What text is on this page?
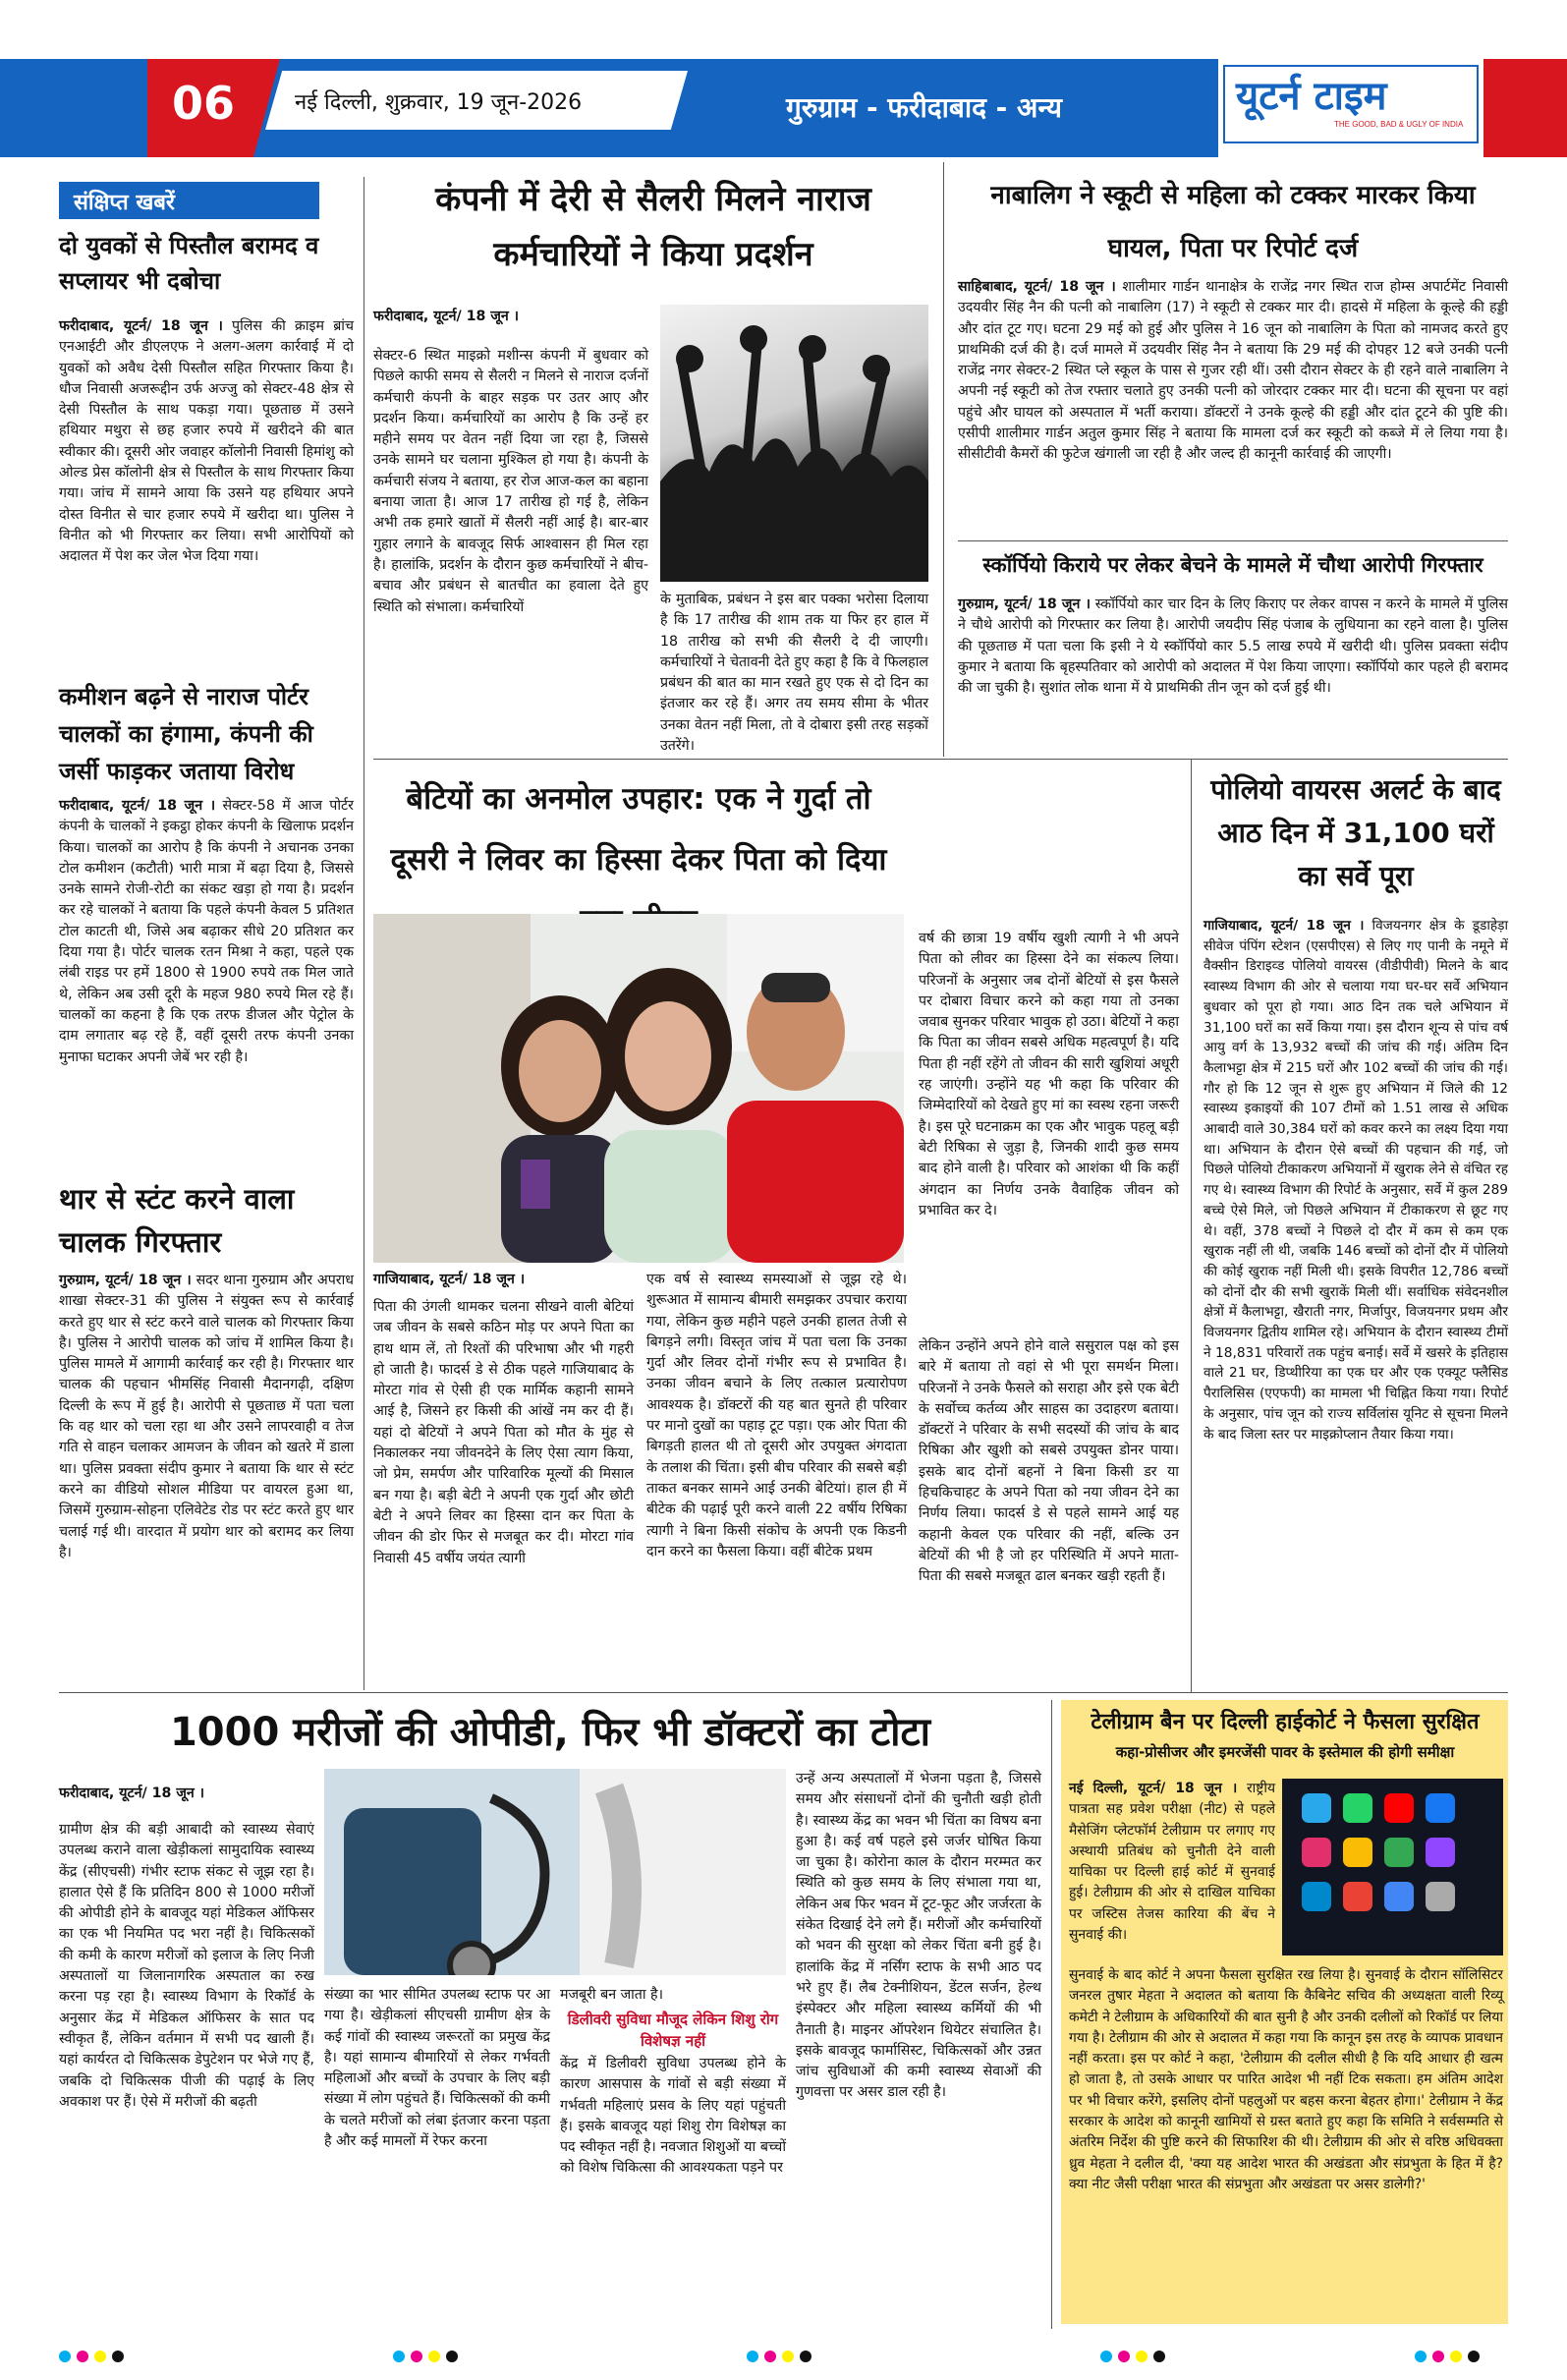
06	नई दिल्ली, शुक्रवार, 19 जून-2026	गुरुग्राम - फरीदाबाद - अन्य	यूटर्न टाइम
THE GOOD, BAD & UGLY OF INDIA
संक्षिप्त खबरें
दो युवकों से पिस्तौल बरामद व सप्लायर भी दबोचा
फरीदाबाद, यूटर्न/ 18 जून । पुलिस की क्राइम ब्रांच एनआईटी और डीएलएफ ने अलग-अलग कार्रवाई में दो युवकों को अवैध देसी पिस्तौल सहित गिरफ्तार किया है। धौज निवासी अजरूद्दीन उर्फ अज्जु को सेक्टर-48 क्षेत्र से देसी पिस्तौल के साथ पकड़ा गया। पूछताछ में उसने हथियार मथुरा से छह हजार रुपये में खरीदने की बात स्वीकार की। दूसरी ओर जवाहर कॉलोनी निवासी हिमांशु को ओल्ड प्रेस कॉलोनी क्षेत्र से पिस्तौल के साथ गिरफ्तार किया गया। जांच में सामने आया कि उसने यह हथियार अपने दोस्त विनीत से चार हजार रुपये में खरीदा था। पुलिस ने विनीत को भी गिरफ्तार कर लिया। सभी आरोपियों को अदालत में पेश कर जेल भेज दिया गया।
कमीशन बढ़ने से नाराज पोर्टर चालकों का हंगामा, कंपनी की जर्सी फाड़कर जताया विरोध
फरीदाबाद, यूटर्न/ 18 जून । सेक्टर-58 में आज पोर्टर कंपनी के चालकों ने इकट्ठा होकर कंपनी के खिलाफ प्रदर्शन किया। चालकों का आरोप है कि कंपनी ने अचानक उनका टोल कमीशन (कटौती) भारी मात्रा में बढ़ा दिया है, जिससे उनके सामने रोजी-रोटी का संकट खड़ा हो गया है। प्रदर्शन कर रहे चालकों ने बताया कि पहले कंपनी केवल 5 प्रतिशत टोल काटती थी, जिसे अब बढ़ाकर सीधे 20 प्रतिशत कर दिया गया है। पोर्टर चालक रतन मिश्रा ने कहा, पहले एक लंबी राइड पर हमें 1800 से 1900 रुपये तक मिल जाते थे, लेकिन अब उसी दूरी के महज 980 रुपये मिल रहे हैं। चालकों का कहना है कि एक तरफ डीजल और पेट्रोल के दाम लगातार बढ़ रहे हैं, वहीं दूसरी तरफ कंपनी उनका मुनाफा घटाकर अपनी जेबें भर रही है।
थार से स्टंट करने वाला चालक गिरफ्तार
गुरुग्राम, यूटर्न/ 18 जून । सदर थाना गुरुग्राम और अपराध शाखा सेक्टर-31 की पुलिस ने संयुक्त रूप से कार्रवाई करते हुए थार से स्टंट करने वाले चालक को गिरफ्तार किया है। पुलिस ने आरोपी चालक को जांच में शामिल किया है। पुलिस मामले में आगामी कार्रवाई कर रही है। गिरफ्तार थार चालक की पहचान भीमसिंह निवासी मैदानगढ़ी, दक्षिण दिल्ली के रूप में हुई है। आरोपी से पूछताछ में पता चला कि वह थार को चला रहा था और उसने लापरवाही व तेज गति से वाहन चलाकर आमजन के जीवन को खतरे में डाला था। पुलिस प्रवक्ता संदीप कुमार ने बताया कि थार से स्टंट करने का वीडियो सोशल मीडिया पर वायरल हुआ था, जिसमें गुरुग्राम-सोहना एलिवेटेड रोड पर स्टंट करते हुए थार चलाई गई थी। वारदात में प्रयोग थार को बरामद कर लिया है।
कंपनी में देरी से सैलरी मिलने नाराज कर्मचारियों ने किया प्रदर्शन
फरीदाबाद, यूटर्न/ 18 जून ।
सेक्टर-6 स्थित माइक्रो मशीन्स कंपनी में बुधवार को पिछले काफी समय से सैलरी न मिलने से नाराज दर्जनों कर्मचारी कंपनी के बाहर सड़क पर उतर आए और प्रदर्शन किया। कर्मचारियों का आरोप है कि उन्हें हर महीने समय पर वेतन नहीं दिया जा रहा है, जिससे उनके सामने घर चलाना मुश्किल हो गया है। कंपनी के कर्मचारी संजय ने बताया, हर रोज आज-कल का बहाना बनाया जाता है। आज 17 तारीख हो गई है, लेकिन अभी तक हमारे खातों में सैलरी नहीं आई है। बार-बार गुहार लगाने के बावजूद सिर्फ आश्वासन ही मिल रहा है। हालांकि, प्रदर्शन के दौरान कुछ कर्मचारियों ने बीच-बचाव और प्रबंधन से बातचीत का हवाला देते हुए स्थिति को संभाला। कर्मचारियों	के मुताबिक, प्रबंधन ने इस बार पक्का भरोसा दिलाया है कि 17 तारीख की शाम तक या फिर हर हाल में 18 तारीख को सभी की सैलरी दे दी जाएगी। कर्मचारियों ने चेतावनी देते हुए कहा है कि वे फिलहाल प्रबंधन की बात का मान रखते हुए एक से दो दिन का इंतजार कर रहे हैं। अगर तय समय सीमा के भीतर उनका वेतन नहीं मिला, तो वे दोबारा इसी तरह सड़कों उतरेंगे।
नाबालिग ने स्कूटी से महिला को टक्कर मारकर किया घायल, पिता पर रिपोर्ट दर्ज
साहिबाबाद, यूटर्न/ 18 जून । शालीमार गार्डन थानाक्षेत्र के राजेंद्र नगर स्थित राज होम्स अपार्टमेंट निवासी उदयवीर सिंह नैन की पत्नी को नाबालिग (17) ने स्कूटी से टक्कर मार दी। हादसे में महिला के कूल्हे की हड्डी और दांत टूट गए। घटना 29 मई को हुई और पुलिस ने 16 जून को नाबालिग के पिता को नामजद करते हुए प्राथमिकी दर्ज की है। दर्ज मामले में उदयवीर सिंह नैन ने बताया कि 29 मई की दोपहर 12 बजे उनकी पत्नी राजेंद्र नगर सेक्टर-2 स्थित प्ले स्कूल के पास से गुजर रही थीं। उसी दौरान सेक्टर के ही रहने वाले नाबालिग ने अपनी नई स्कूटी को तेज रफ्तार चलाते हुए उनकी पत्नी को जोरदार टक्कर मार दी। घटना की सूचना पर वहां पहुंचे और घायल को अस्पताल में भर्ती कराया। डॉक्टरों ने उनके कूल्हे की हड्डी और दांत टूटने की पुष्टि की। एसीपी शालीमार गार्डन अतुल कुमार सिंह ने बताया कि मामला दर्ज कर स्कूटी को कब्जे में ले लिया गया है। सीसीटीवी कैमरों की फुटेज खंगाली जा रही है और जल्द ही कानूनी कार्रवाई की जाएगी।
स्कॉर्पियो किराये पर लेकर बेचने के मामले में चौथा आरोपी गिरफ्तार
गुरुग्राम, यूटर्न/ 18 जून । स्कॉर्पियो कार चार दिन के लिए किराए पर लेकर वापस न करने के मामले में पुलिस ने चौथे आरोपी को गिरफ्तार कर लिया है। आरोपी जयदीप सिंह पंजाब के लुधियाना का रहने वाला है। पुलिस की पूछताछ में पता चला कि इसी ने ये स्कॉर्पियो कार 5.5 लाख रुपये में खरीदी थी। पुलिस प्रवक्ता संदीप कुमार ने बताया कि बृहस्पतिवार को आरोपी को अदालत में पेश किया जाएगा। स्कॉर्पियो कार पहले ही बरामद की जा चुकी है। सुशांत लोक थाना में ये प्राथमिकी तीन जून को दर्ज हुई थी।
बेटियों का अनमोल उपहार: एक ने गुर्दा तो दूसरी ने लिवर का हिस्सा देकर पिता को दिया
गाजियाबाद, यूटर्न/ 18 जून ।
पिता की उंगली थामकर चलना सीखने वाली बेटियां जब जीवन के सबसे कठिन मोड़ पर अपने पिता का हाथ थाम लें, तो रिश्तों की परिभाषा और भी गहरी हो जाती है। फादर्स डे से ठीक पहले गाजियाबाद के मोरटा गांव से ऐसी ही एक मार्मिक कहानी सामने आई है, जिसने हर किसी की आंखें नम कर दी हैं। यहां दो बेटियों ने अपने पिता को मौत के मुंह से निकालकर नया जीवनदेने के लिए ऐसा त्याग किया, जो प्रेम, समर्पण और पारिवारिक मूल्यों की मिसाल बन गया है। बड़ी बेटी ने अपनी एक गुर्दा और छोटी बेटी ने अपने लिवर का हिस्सा दान कर पिता के जीवन की डोर फिर से मजबूत कर दी। मोरटा गांव निवासी 45 वर्षीय जयंत त्यागी
एक वर्ष से स्वास्थ्य समस्याओं से जूझ रहे थे। शुरूआत में सामान्य बीमारी समझकर उपचार कराया गया, लेकिन कुछ महीने पहले उनकी हालत तेजी से बिगड़ने लगी। विस्तृत जांच में पता चला कि उनका गुर्दा और लिवर दोनों गंभीर रूप से प्रभावित है। उनका जीवन बचाने के लिए तत्काल प्रत्यारोपण आवश्यक है। डॉक्टरों की यह बात सुनते ही परिवार पर मानो दुखों का पहाड़ टूट पड़ा। एक ओर पिता की बिगड़ती हालत थी तो दूसरी ओर उपयुक्त अंगदाता के तलाश की चिंता। इसी बीच परिवार की सबसे बड़ी ताकत बनकर सामने आई उनकी बेटियां। हाल ही में बीटेक की पढ़ाई पूरी करने वाली 22 वर्षीय रिषिका त्यागी ने बिना किसी संकोच के अपनी एक किडनी दान करने का फैसला किया। वहीं बीटेक प्रथम
वर्ष की छात्रा 19 वर्षीय खुशी त्यागी ने भी अपने पिता को लीवर का हिस्सा देने का संकल्प लिया। परिजनों के अनुसार जब दोनों बेटियों से इस फैसले पर दोबारा विचार करने को कहा गया तो उनका जवाब सुनकर परिवार भावुक हो उठा। बेटियों ने कहा कि पिता का जीवन सबसे अधिक महत्वपूर्ण है। यदि पिता ही नहीं रहेंगे तो जीवन की सारी खुशियां अधूरी रह जाएंगी। उन्होंने यह भी कहा कि परिवार की जिम्मेदारियों को देखते हुए मां का स्वस्थ रहना जरूरी है। इस पूरे घटनाक्रम का एक और भावुक पहलू बड़ी बेटी रिषिका से जुड़ा है, जिनकी शादी कुछ समय बाद होने वाली है। परिवार को आशंका थी कि कहीं अंगदान का निर्णय उनके वैवाहिक जीवन को प्रभावित कर दे।
लेकिन उन्होंने अपने होने वाले ससुराल पक्ष को इस बारे में बताया तो वहां से भी पूरा समर्थन मिला। परिजनों ने उनके फैसले को सराहा और इसे एक बेटी के सर्वोच्च कर्तव्य और साहस का उदाहरण बताया। डॉक्टरों ने परिवार के सभी सदस्यों की जांच के बाद रिषिका और खुशी को सबसे उपयुक्त डोनर पाया। इसके बाद दोनों बहनों ने बिना किसी डर या हिचकिचाहट के अपने पिता को नया जीवन देने का निर्णय लिया। फादर्स डे से पहले सामने आई यह कहानी केवल एक परिवार की नहीं, बल्कि उन बेटियों की भी है जो हर परिस्थिति में अपने माता-पिता की सबसे मजबूत ढाल बनकर खड़ी रहती हैं।
पोलियो वायरस अलर्ट के बाद आठ दिन में 31,100 घरों का सर्वे पूरा
गाजियाबाद, यूटर्न/ 18 जून । विजयनगर क्षेत्र के डूडाहेड़ा सीवेज पंपिंग स्टेशन (एसपीएस) से लिए गए पानी के नमूने में वैक्सीन डिराइव्ड पोलियो वायरस (वीडीपीवी) मिलने के बाद स्वास्थ्य विभाग की ओर से चलाया गया घर-घर सर्वे अभियान बुधवार को पूरा हो गया। आठ दिन तक चले अभियान में 31,100 घरों का सर्वे किया गया। इस दौरान शून्य से पांच वर्ष आयु वर्ग के 13,932 बच्चों की जांच की गई। अंतिम दिन कैलाभट्टा क्षेत्र में 215 घरों और 102 बच्चों की जांच की गई। गौर हो कि 12 जून से शुरू हुए अभियान में जिले की 12 स्वास्थ्य इकाइयों की 107 टीमों को 1.51 लाख से अधिक आबादी वाले 30,384 घरों को कवर करने का लक्ष्य दिया गया था। अभियान के दौरान ऐसे बच्चों की पहचान की गई, जो पिछले पोलियो टीकाकरण अभियानों में खुराक लेने से वंचित रह गए थे। स्वास्थ्य विभाग की रिपोर्ट के अनुसार, सर्वे में कुल 289 बच्चे ऐसे मिले, जो पिछले अभियान में टीकाकरण से छूट गए थे। वहीं, 378 बच्चों ने पिछले दो दौर में कम से कम एक खुराक नहीं ली थी, जबकि 146 बच्चों को दोनों दौर में पोलियो की कोई खुराक नहीं मिली थी। इसके विपरीत 12,786 बच्चों को दोनों दौर की सभी खुराकें मिली थीं। सर्वाधिक संवेदनशील क्षेत्रों में कैलाभट्टा, खैराती नगर, मिर्जापुर, विजयनगर प्रथम और विजयनगर द्वितीय शामिल रहे। अभियान के दौरान स्वास्थ्य टीमों ने 18,831 परिवारों तक पहुंच बनाई। सर्वे में खसरे के इतिहास वाले 21 घर, डिप्थीरिया का एक घर और एक एक्यूट फ्लैसिड पैरालिसिस (एएफपी) का मामला भी चिह्नित किया गया। रिपोर्ट के अनुसार, पांच जून को राज्य सर्विलांस यूनिट से सूचना मिलने के बाद जिला स्तर पर माइक्रोप्लान तैयार किया गया।
1000 मरीजों की ओपीडी, फिर भी डॉक्टरों का टोटा
फरीदाबाद, यूटर्न/ 18 जून ।
ग्रामीण क्षेत्र की बड़ी आबादी को स्वास्थ्य सेवाएं उपलब्ध कराने वाला खेड़ीकलां सामुदायिक स्वास्थ्य केंद्र (सीएचसी) गंभीर स्टाफ संकट से जूझ रहा है। हालात ऐसे हैं कि प्रतिदिन 800 से 1000 मरीजों की ओपीडी होने के बावजूद यहां मेडिकल ऑफिसर का एक भी नियमित पद भरा नहीं है। चिकित्सकों की कमी के कारण मरीजों को इलाज के लिए निजी अस्पतालों या जिलानागरिक अस्पताल का रुख करना पड़ रहा है। स्वास्थ्य विभाग के रिकॉर्ड के अनुसार केंद्र में मेडिकल ऑफिसर के सात पद स्वीकृत हैं, लेकिन वर्तमान में सभी पद खाली हैं। यहां कार्यरत दो चिकित्सक डेपुटेशन पर भेजे गए हैं, जबकि दो चिकित्सक पीजी की पढ़ाई के लिए अवकाश पर हैं। ऐसे में मरीजों की बढ़ती
संख्या का भार सीमित उपलब्ध स्टाफ पर आ गया है। खेड़ीकलां सीएचसी ग्रामीण क्षेत्र के कई गांवों की स्वास्थ्य जरूरतों का प्रमुख केंद्र है। यहां सामान्य बीमारियों से लेकर गर्भवती महिलाओं और बच्चों के उपचार के लिए बड़ी संख्या में लोग पहुंचते हैं। चिकित्सकों की कमी के चलते मरीजों को लंबा इंतजार करना पड़ता है और कई मामलों में रेफर करना
मजबूरी बन जाता है।
डिलीवरी सुविधा मौजूद लेकिन शिशु रोग विशेषज्ञ नहीं
केंद्र में डिलीवरी सुविधा उपलब्ध होने के कारण आसपास के गांवों से बड़ी संख्या में गर्भवती महिलाएं प्रसव के लिए यहां पहुंचती हैं। इसके बावजूद यहां शिशु रोग विशेषज्ञ का पद स्वीकृत नहीं है। नवजात शिशुओं या बच्चों को विशेष चिकित्सा की आवश्यकता पड़ने पर
उन्हें अन्य अस्पतालों में भेजना पड़ता है, जिससे समय और संसाधनों दोनों की चुनौती खड़ी होती है। स्वास्थ्य केंद्र का भवन भी चिंता का विषय बना हुआ है। कई वर्ष पहले इसे जर्जर घोषित किया जा चुका है। कोरोना काल के दौरान मरम्मत कर स्थिति को कुछ समय के लिए संभाला गया था, लेकिन अब फिर भवन में टूट-फूट और जर्जरता के संकेत दिखाई देने लगे हैं। मरीजों और कर्मचारियों को भवन की सुरक्षा को लेकर चिंता बनी हुई है। हालांकि केंद्र में नर्सिंग स्टाफ के सभी आठ पद भरे हुए हैं। लैब टेक्नीशियन, डेंटल सर्जन, हेल्थ इंस्पेक्टर और महिला स्वास्थ्य कर्मियों की भी तैनाती है। माइनर ऑपरेशन थियेटर संचालित है। इसके बावजूद फार्मासिस्ट, चिकित्सकों और उन्नत जांच सुविधाओं की कमी स्वास्थ्य सेवाओं की गुणवत्ता पर असर डाल रही है।
टेलीग्राम बैन पर दिल्ली हाईकोर्ट ने फैसला सुरक्षित
कहा-प्रोसीजर और इमरजेंसी पावर के इस्तेमाल की होगी समीक्षा
नई दिल्ली, यूटर्न/ 18 जून । राष्ट्रीय पात्रता सह प्रवेश परीक्षा (नीट) से पहले मैसेजिंग प्लेटफॉर्म टेलीग्राम पर लगाए गए अस्थायी प्रतिबंध को चुनौती देने वाली याचिका पर दिल्ली हाई कोर्ट में सुनवाई हुई। टेलीग्राम की ओर से दाखिल याचिका पर जस्टिस तेजस कारिया की बेंच ने सुनवाई की।
सुनवाई के बाद कोर्ट ने अपना फैसला सुरक्षित रख लिया है। सुनवाई के दौरान सॉलिसिटर जनरल तुषार मेहता ने अदालत को बताया कि कैबिनेट सचिव की अध्यक्षता वाली रिव्यू कमेटी ने टेलीग्राम के अधिकारियों की बात सुनी है और उनकी दलीलों को रिकॉर्ड पर लिया गया है। टेलीग्राम की ओर से अदालत में कहा गया कि कानून इस तरह के व्यापक प्रावधान नहीं करता। इस पर कोर्ट ने कहा, 'टेलीग्राम की दलील सीधी है कि यदि आधार ही खत्म हो जाता है, तो उसके आधार पर पारित आदेश भी नहीं टिक सकता। हम अंतिम आदेश पर भी विचार करेंगे, इसलिए दोनों पहलुओं पर बहस करना बेहतर होगा।' टेलीग्राम ने केंद्र सरकार के आदेश को कानूनी खामियों से ग्रस्त बताते हुए कहा कि समिति ने सर्वसम्मति से अंतरिम निर्देश की पुष्टि करने की सिफारिश की थी। टेलीग्राम की ओर से वरिष्ठ अधिवक्ता ध्रुव मेहता ने दलील दी, 'क्या यह आदेश भारत की अखंडता और संप्रभुता के हित में है? क्या नीट जैसी परीक्षा भारत की संप्रभुता और अखंडता पर असर डालेगी?'
